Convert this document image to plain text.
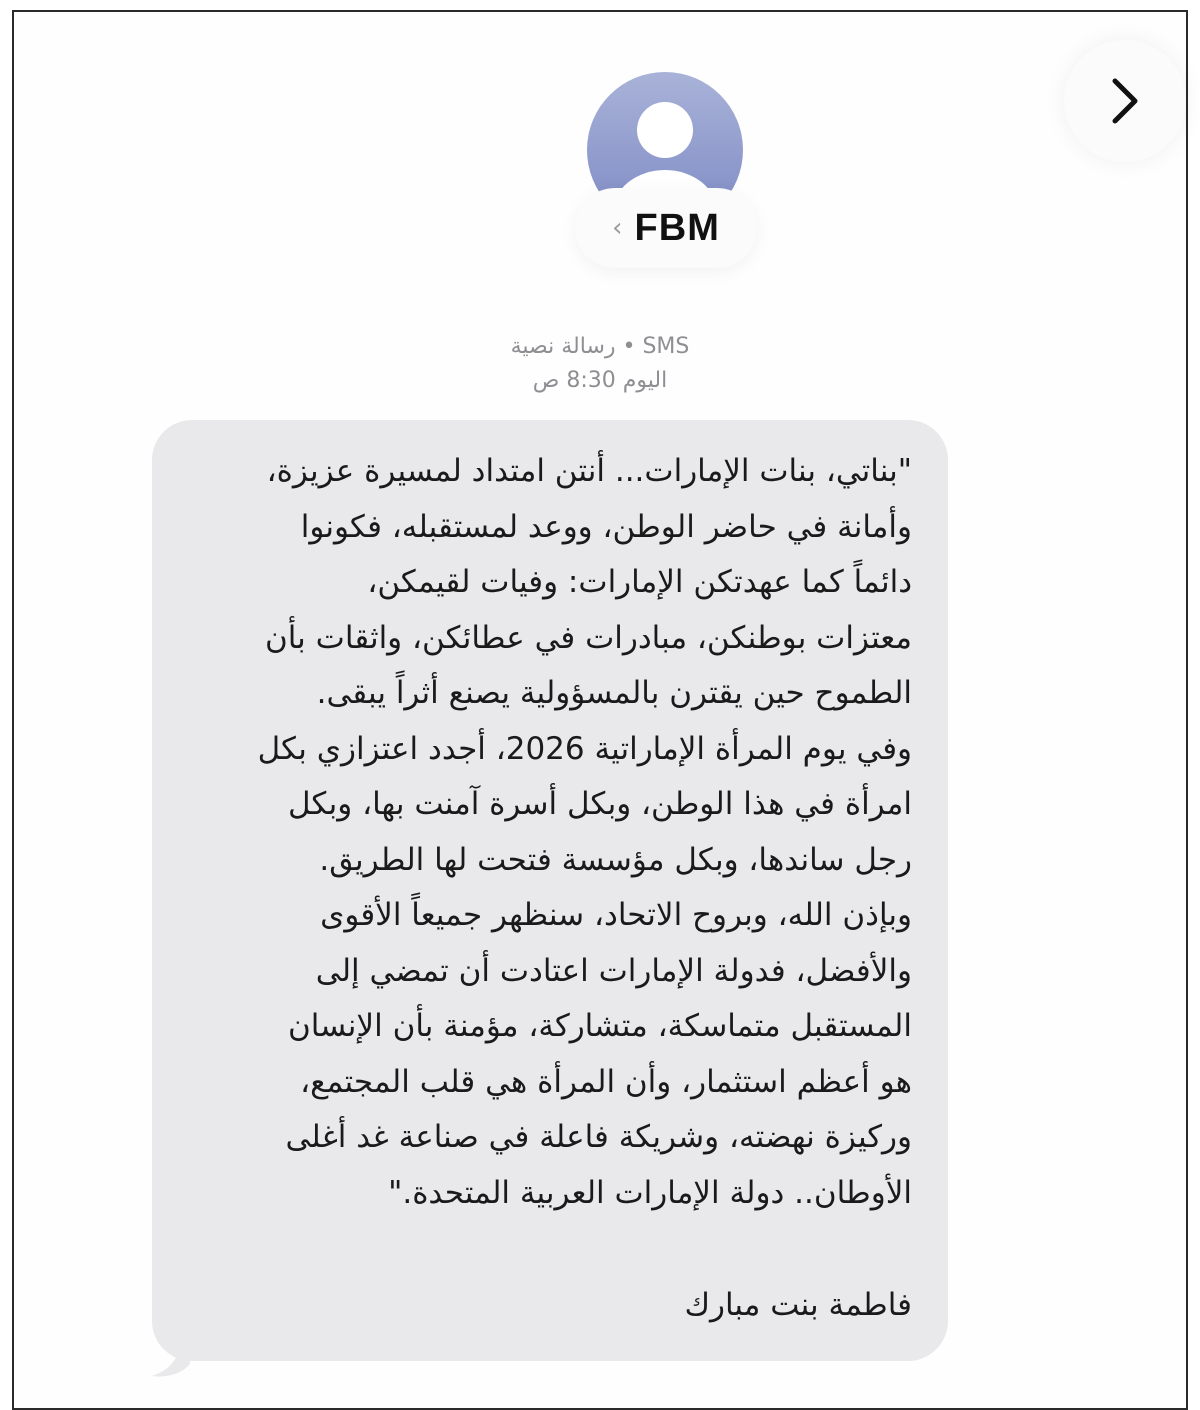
‹ FBM
رسالة نصية • SMS
اليوم 8:30 ص

"بناتي، بنات الإمارات... أنتن امتداد لمسيرة عزيزة،
وأمانة في حاضر الوطن، ووعد لمستقبله، فكونوا
دائماً كما عهدتكن الإمارات: وفيات لقيمكن،
معتزات بوطنكن، مبادرات في عطائكن، واثقات بأن
الطموح حين يقترن بالمسؤولية يصنع أثراً يبقى.
وفي يوم المرأة الإماراتية 2026، أجدد اعتزازي بكل
امرأة في هذا الوطن، وبكل أسرة آمنت بها، وبكل
رجل ساندها، وبكل مؤسسة فتحت لها الطريق.
وبإذن الله، وبروح الاتحاد، سنظهر جميعاً الأقوى
والأفضل، فدولة الإمارات اعتادت أن تمضي إلى
المستقبل متماسكة، متشاركة، مؤمنة بأن الإنسان
هو أعظم استثمار، وأن المرأة هي قلب المجتمع،
وركيزة نهضته، وشريكة فاعلة في صناعة غد أغلى
الأوطان.. دولة الإمارات العربية المتحدة."

فاطمة بنت مبارك
